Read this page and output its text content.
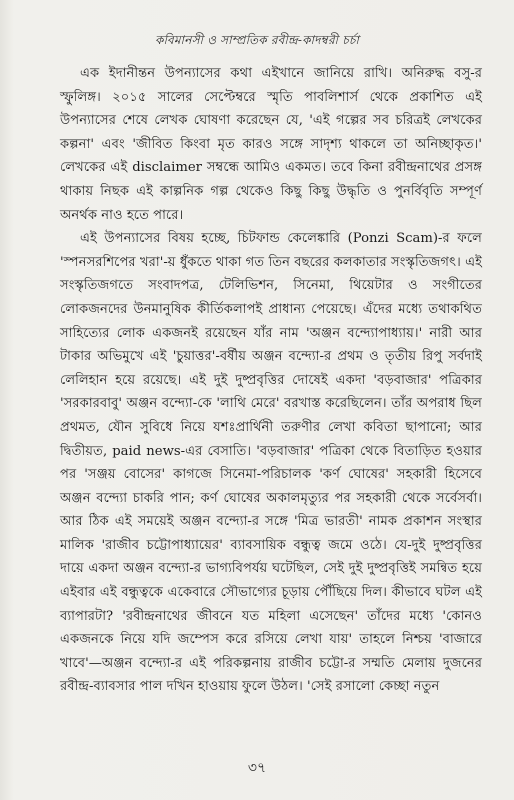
কবিমানসী ও সাম্প্রতিক রবীন্দ্র-কাদম্বরী চর্চা

এক ইদানীন্তন উপন্যাসের কথা এইখানে জানিয়ে রাখি। অনিরুদ্ধ বসু-র স্ফুলিঙ্গ। ২০১৫ সালের সেপ্টেম্বরে স্মৃতি পাবলিশার্স থেকে প্রকাশিত এই উপন্যাসের শেষে লেখক ঘোষণা করেছেন যে, 'এই গল্পের সব চরিত্রই লেখকের কল্পনা' এবং 'জীবিত কিংবা মৃত কারও সঙ্গে সাদৃশ্য থাকলে তা অনিচ্ছাকৃত।' লেখকের এই disclaimer সম্বন্ধে আমিও একমত। তবে কিনা রবীন্দ্রনাথের প্রসঙ্গ থাকায় নিছক এই কাল্পনিক গল্প থেকেও কিছু কিছু উদ্ধৃতি ও পুনর্বিবৃতি সম্পূর্ণ অনর্থক নাও হতে পারে।

এই উপন্যাসের বিষয় হচ্ছে, চিটফান্ড কেলেঙ্কারি (Ponzi Scam)-র ফলে 'স্পনসরশিপের খরা'-য় ধুঁকতে থাকা গত তিন বছরের কলকাতার সংস্কৃতিজগৎ। এই সংস্কৃতিজগতে সংবাদপত্র, টেলিভিশন, সিনেমা, থিয়েটার ও সংগীতের লোকজনদের উনমানুষিক কীর্তিকলাপই প্রাধান্য পেয়েছে। এঁদের মধ্যে তথাকথিত সাহিত্যের লোক একজনই রয়েছেন যাঁর নাম 'অঞ্জন বন্দ্যোপাধ্যায়।' নারী আর টাকার অভিমুখে এই 'চুয়াত্তর'-বর্ষীয় অঞ্জন বন্দ্যো-র প্রথম ও তৃতীয় রিপু সর্বদাই লেলিহান হয়ে রয়েছে। এই দুই দুষ্প্রবৃত্তির দোষেই একদা 'বড়বাজার' পত্রিকার 'সরকারবাবু' অঞ্জন বন্দ্যো-কে 'লাথি মেরে' বরখাস্ত করেছিলেন। তাঁর অপরাধ ছিল প্রথমত, যৌন সুবিধে নিয়ে যশঃপ্রার্থিনী তরুণীর লেখা কবিতা ছাপানো; আর দ্বিতীয়ত, paid news-এর বেসাতি। 'বড়বাজার' পত্রিকা থেকে বিতাড়িত হওয়ার পর 'সঞ্জয় বোসের' কাগজে সিনেমা-পরিচালক 'কর্ণ ঘোষের' সহকারী হিসেবে অঞ্জন বন্দ্যো চাকরি পান; কর্ণ ঘোষের অকালমৃত্যুর পর সহকারী থেকে সর্বেসর্বা। আর ঠিক এই সময়েই অঞ্জন বন্দ্যো-র সঙ্গে 'মিত্র ভারতী' নামক প্রকাশন সংস্থার মালিক 'রাজীব চট্টোপাধ্যায়ের' ব্যাবসায়িক বন্ধুত্ব জমে ওঠে। যে-দুই দুষ্প্রবৃত্তির দায়ে একদা অঞ্জন বন্দ্যো-র ভাগ্যবিপর্যয় ঘটেছিল, সেই দুই দুষ্প্রবৃত্তিই সমন্বিত হয়ে এইবার এই বন্ধুত্বকে একেবারে সৌভাগ্যের চূড়ায় পৌঁছিয়ে দিল। কীভাবে ঘটল এই ব্যাপারটা? 'রবীন্দ্রনাথের জীবনে যত মহিলা এসেছেন' তাঁদের মধ্যে 'কোনও একজনকে নিয়ে যদি জম্পেস করে রসিয়ে লেখা যায়' তাহলে নিশ্চয় 'বাজারে খাবে'—অঞ্জন বন্দ্যো-র এই পরিকল্পনায় রাজীব চট্টো-র সম্মতি মেলায় দুজনের রবীন্দ্র-ব্যাবসার পাল দখিন হাওয়ায় ফুলে উঠল। 'সেই রসালো কেচ্ছা নতুন

৩৭
